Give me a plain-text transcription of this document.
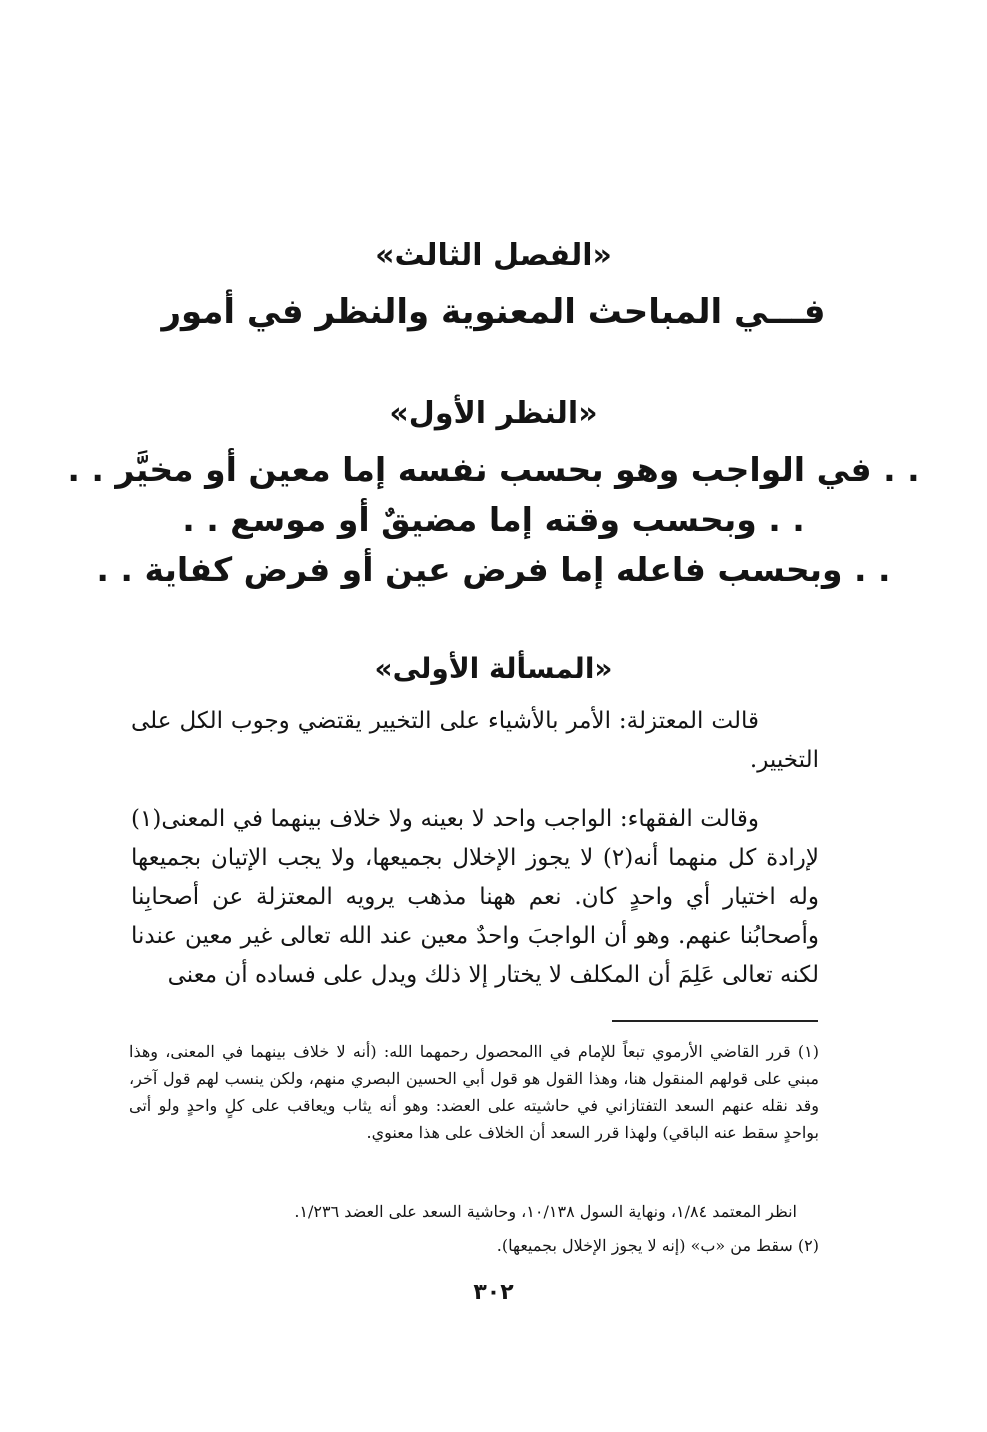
«الفصل الثالث»
فـــي المباحث المعنوية والنظر في أمور
«النظر الأول»
. . في الواجب وهو بحسب نفسه إما معين أو مخيَّر . .
. . وبحسب وقته إما مضيقٌ أو موسع . .
. . وبحسب فاعله إما فرض عين أو فرض كفاية . .
«المسألة الأولى»

قالت المعتزلة: الأمر بالأشياء على التخيير يقتضي وجوب الكل على التخيير.

وقالت الفقهاء: الواجب واحد لا بعينه ولا خلاف بينهما في المعنى(١) لإرادة كل منهما أنه(٢) لا يجوز الإخلال بجميعها، ولا يجب الإتيان بجميعها وله اختيار أي واحدٍ كان. نعم ههنا مذهب يرويه المعتزلة عن أصحابِنا وأصحابُنا عنهم. وهو أن الواجبَ واحدٌ معين عند الله تعالى غير معين عندنا لكنه تعالى عَلِمَ أن المكلف لا يختار إلا ذلك ويدل على فساده أن معنى

(١) قرر القاضي الأرموي تبعاً للإمام في االمحصول رحمهما الله: (أنه لا خلاف بينهما في المعنى، وهذا مبني على قولهم المنقول هنا، وهذا القول هو قول أبي الحسين البصري منهم، ولكن ينسب لهم قول آخر، وقد نقله عنهم السعد التفتازاني في حاشيته على العضد: وهو أنه يثاب ويعاقب على كلٍ واحدٍ ولو أتى بواحدٍ سقط عنه الباقي) ولهذا قرر السعد أن الخلاف على هذا معنوي.

انظر المعتمد ١/٨٤، ونهاية السول ١٠/١٣٨، وحاشية السعد على العضد ١/٢٣٦.

(٢) سقط من «ب» (إنه لا يجوز الإخلال بجميعها).

٣٠٢
